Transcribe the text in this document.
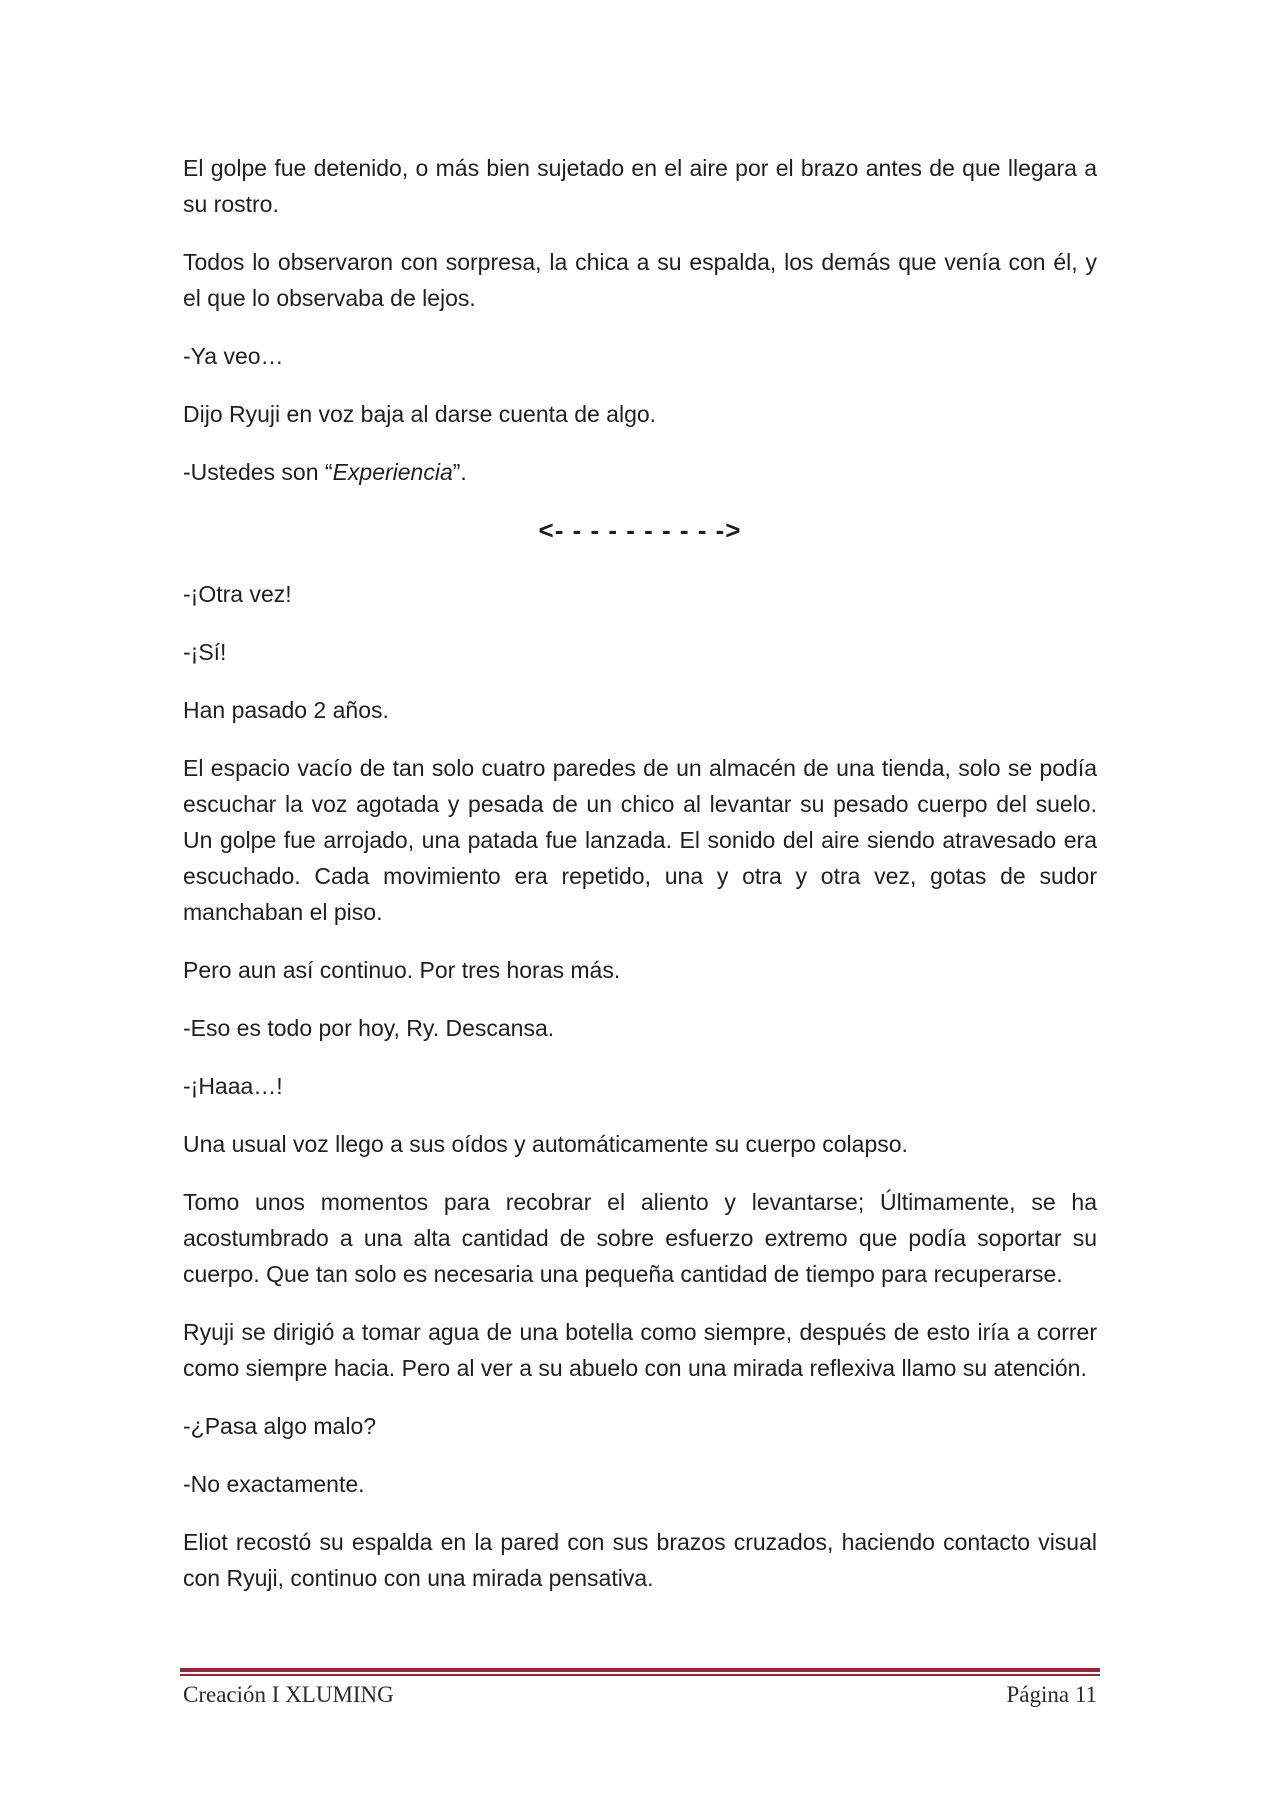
El golpe fue detenido, o más bien sujetado en el aire por el brazo antes de que llegara a su rostro.

Todos lo observaron con sorpresa, la chica a su espalda, los demás que venía con él, y el que lo observaba de lejos.

-Ya veo…

Dijo Ryuji en voz baja al darse cuenta de algo.

-Ustedes son “Experiencia”.

<- - - - - - - - - ->

-¡Otra vez!

-¡Sí!

Han pasado 2 años.

El espacio vacío de tan solo cuatro paredes de un almacén de una tienda, solo se podía escuchar la voz agotada y pesada de un chico al levantar su pesado cuerpo del suelo. Un golpe fue arrojado, una patada fue lanzada. El sonido del aire siendo atravesado era escuchado. Cada movimiento era repetido, una y otra y otra vez, gotas de sudor manchaban el piso.

Pero aun así continuo. Por tres horas más.

-Eso es todo por hoy, Ry. Descansa.

-¡Haaa…!

Una usual voz llego a sus oídos y automáticamente su cuerpo colapso.

Tomo unos momentos para recobrar el aliento y levantarse; Últimamente, se ha acostumbrado a una alta cantidad de sobre esfuerzo extremo que podía soportar su cuerpo. Que tan solo es necesaria una pequeña cantidad de tiempo para recuperarse.

Ryuji se dirigió a tomar agua de una botella como siempre, después de esto iría a correr como siempre hacia. Pero al ver a su abuelo con una mirada reflexiva llamo su atención.

-¿Pasa algo malo?

-No exactamente.

Eliot recostó su espalda en la pared con sus brazos cruzados, haciendo contacto visual con Ryuji, continuo con una mirada pensativa.

Creación I XLUMING	Página 11
